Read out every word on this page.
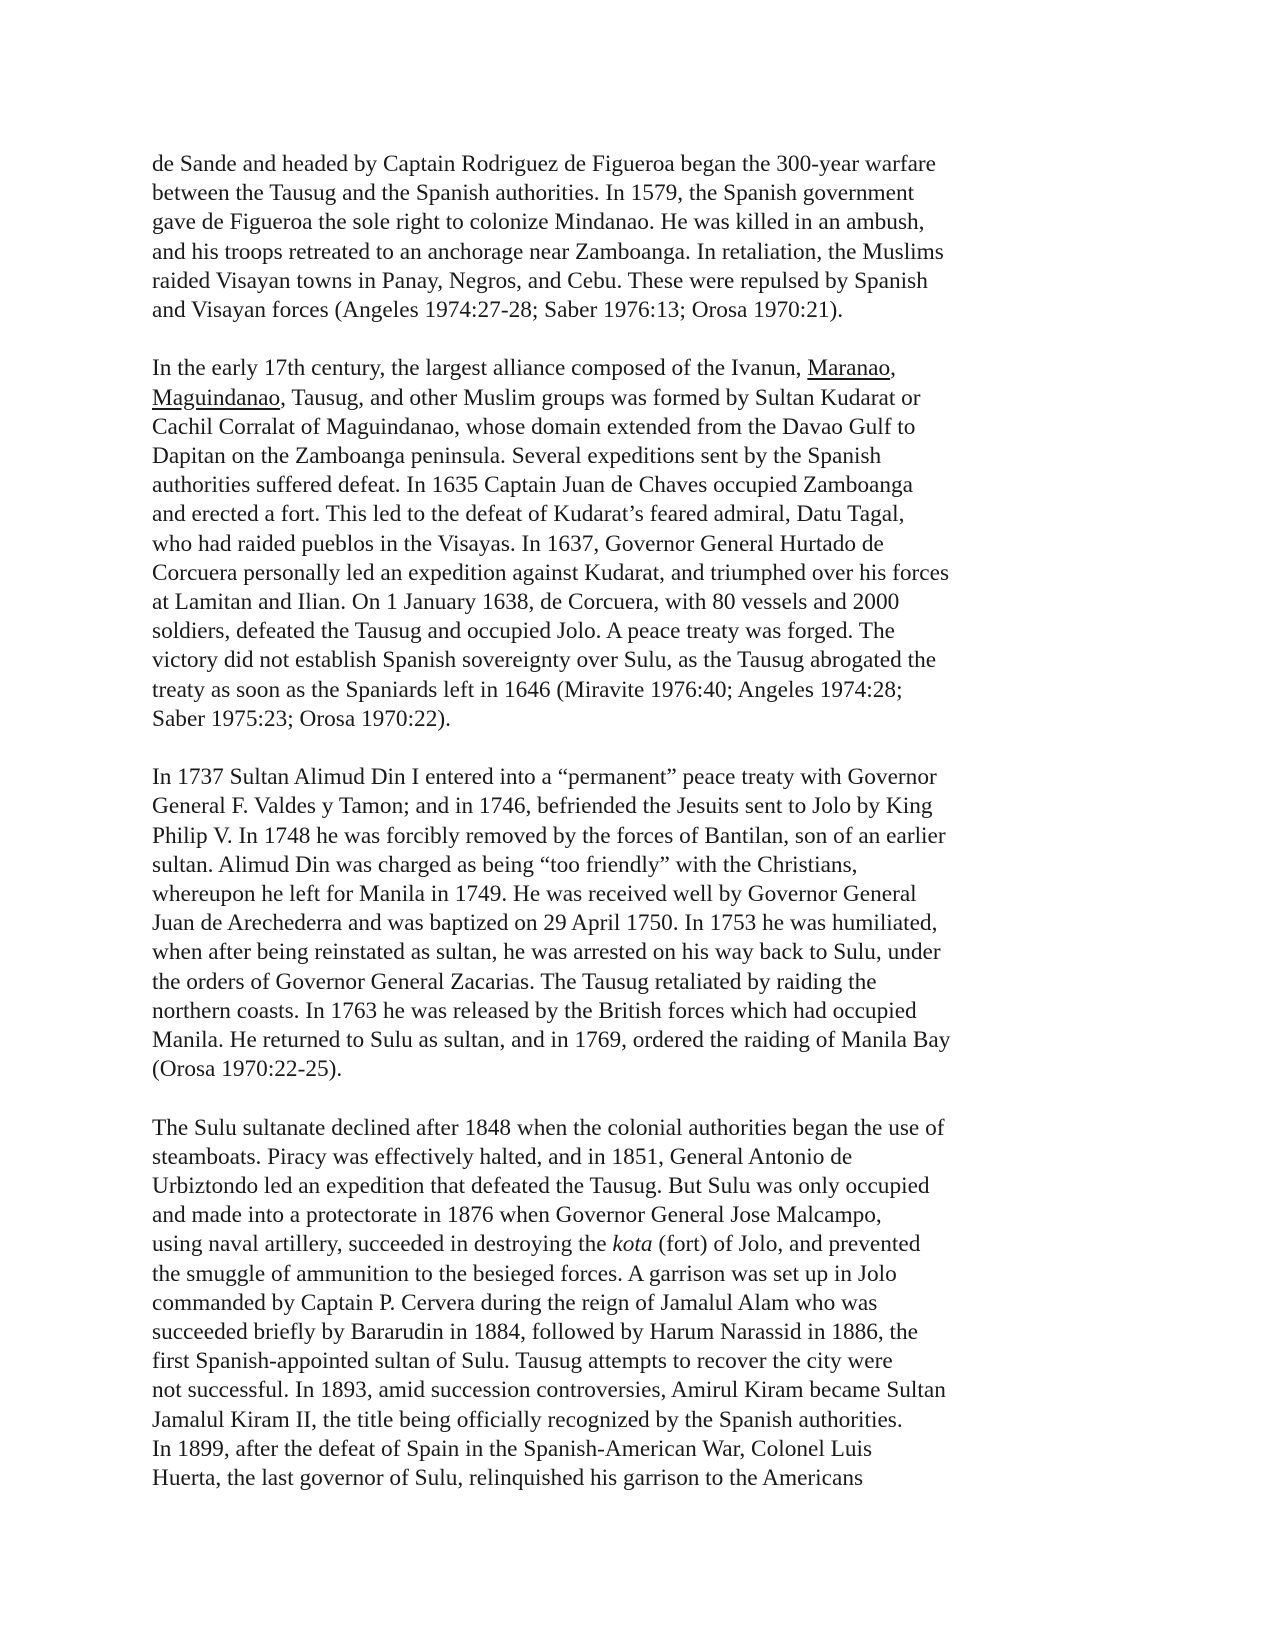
de Sande and headed by Captain Rodriguez de Figueroa began the 300-year warfare
between the Tausug and the Spanish authorities. In 1579, the Spanish government
gave de Figueroa the sole right to colonize Mindanao. He was killed in an ambush,
and his troops retreated to an anchorage near Zamboanga. In retaliation, the Muslims
raided Visayan towns in Panay, Negros, and Cebu. These were repulsed by Spanish
and Visayan forces (Angeles 1974:27-28; Saber 1976:13; Orosa 1970:21).
In the early 17th century, the largest alliance composed of the Ivanun, Maranao,
Maguindanao, Tausug, and other Muslim groups was formed by Sultan Kudarat or
Cachil Corralat of Maguindanao, whose domain extended from the Davao Gulf to
Dapitan on the Zamboanga peninsula. Several expeditions sent by the Spanish
authorities suffered defeat. In 1635 Captain Juan de Chaves occupied Zamboanga
and erected a fort. This led to the defeat of Kudarat’s feared admiral, Datu Tagal,
who had raided pueblos in the Visayas. In 1637, Governor General Hurtado de
Corcuera personally led an expedition against Kudarat, and triumphed over his forces
at Lamitan and Ilian. On 1 January 1638, de Corcuera, with 80 vessels and 2000
soldiers, defeated the Tausug and occupied Jolo. A peace treaty was forged. The
victory did not establish Spanish sovereignty over Sulu, as the Tausug abrogated the
treaty as soon as the Spaniards left in 1646 (Miravite 1976:40; Angeles 1974:28;
Saber 1975:23; Orosa 1970:22).
In 1737 Sultan Alimud Din I entered into a “permanent” peace treaty with Governor
General F. Valdes y Tamon; and in 1746, befriended the Jesuits sent to Jolo by King
Philip V. In 1748 he was forcibly removed by the forces of Bantilan, son of an earlier
sultan. Alimud Din was charged as being “too friendly” with the Christians,
whereupon he left for Manila in 1749. He was received well by Governor General
Juan de Arechederra and was baptized on 29 April 1750. In 1753 he was humiliated,
when after being reinstated as sultan, he was arrested on his way back to Sulu, under
the orders of Governor General Zacarias. The Tausug retaliated by raiding the
northern coasts. In 1763 he was released by the British forces which had occupied
Manila. He returned to Sulu as sultan, and in 1769, ordered the raiding of Manila Bay
(Orosa 1970:22-25).
The Sulu sultanate declined after 1848 when the colonial authorities began the use of
steamboats. Piracy was effectively halted, and in 1851, General Antonio de
Urbiztondo led an expedition that defeated the Tausug. But Sulu was only occupied
and made into a protectorate in 1876 when Governor General Jose Malcampo,
using naval artillery, succeeded in destroying the kota (fort) of Jolo, and prevented
the smuggle of ammunition to the besieged forces. A garrison was set up in Jolo
commanded by Captain P. Cervera during the reign of Jamalul Alam who was
succeeded briefly by Bararudin in 1884, followed by Harum Narassid in 1886, the
first Spanish-appointed sultan of Sulu. Tausug attempts to recover the city were
not successful. In 1893, amid succession controversies, Amirul Kiram became Sultan
Jamalul Kiram II, the title being officially recognized by the Spanish authorities.
In 1899, after the defeat of Spain in the Spanish-American War, Colonel Luis
Huerta, the last governor of Sulu, relinquished his garrison to the Americans
